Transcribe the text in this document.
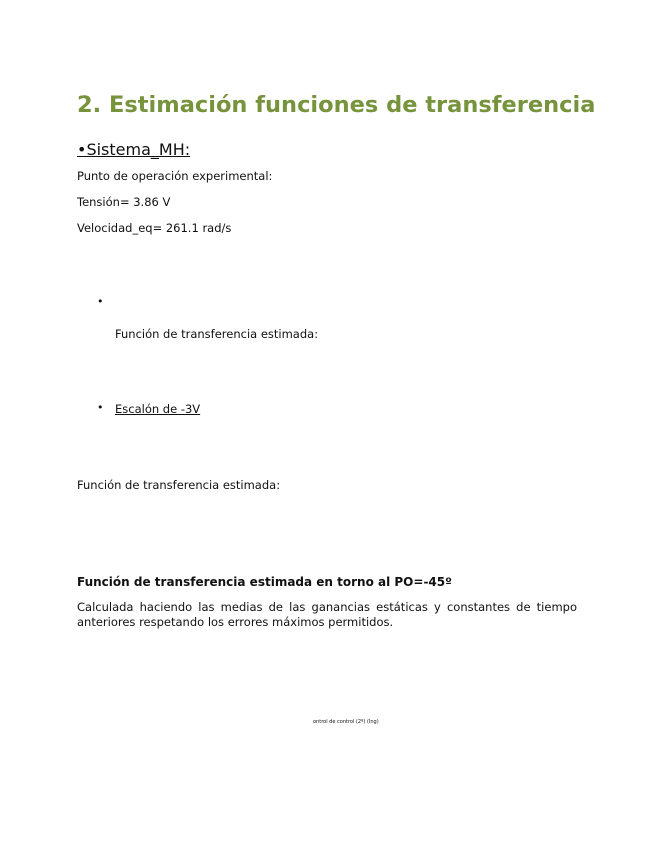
2. Estimación funciones de transferencia
•Sistema_MH:
Punto de operación experimental:
Tensión= 3.86 V
Velocidad_eq= 261.1 rad/s
•
Función de transferencia estimada:
• Escalón de -3V
Función de transferencia estimada:
Función de transferencia estimada en torno al PO=-45º
Calculada haciendo las medias de las ganancias estáticas y constantes de tiempo anteriores respetando los errores máximos permitidos.
ontrol de control (2º) (Ing)
